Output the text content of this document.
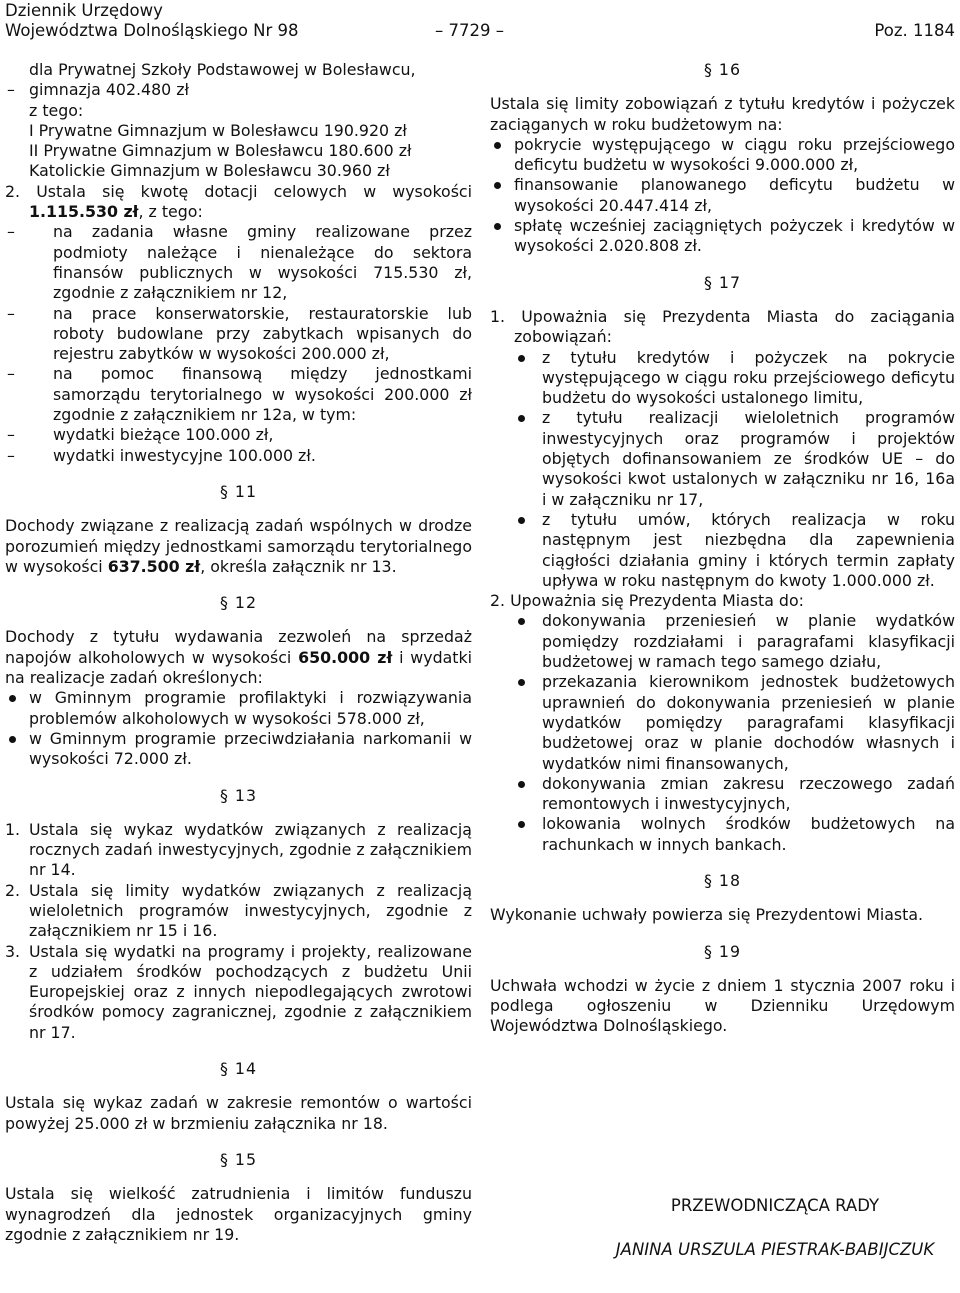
Dziennik Urzędowy
Województwa Dolnośląskiego Nr 98	– 7729 –	Poz. 1184

dla Prywatnej Szkoły Podstawowej w Bolesławcu,

– gimnazja 402.480 zł

z tego:

I Prywatne Gimnazjum w Bolesławcu 190.920 zł

II Prywatne Gimnazjum w Bolesławcu 180.600 zł

Katolickie Gimnazjum w Bolesławcu 30.960 zł

2. Ustala się kwotę dotacji celowych w wysokości 1.115.530 zł, z tego:

– na zadania własne gminy realizowane przez podmioty należące i nienależące do sektora finansów publicznych w wysokości 715.530 zł, zgodnie z załącznikiem nr 12,

– na prace konserwatorskie, restauratorskie lub roboty budowlane przy zabytkach wpisanych do rejestru zabytków w wysokości 200.000 zł,

– na pomoc finansową między jednostkami samorządu terytorialnego w wysokości 200.000 zł zgodnie z załącznikiem nr 12a, w tym:

– wydatki bieżące 100.000 zł,

– wydatki inwestycyjne 100.000 zł.

§ 11

Dochody związane z realizacją zadań wspólnych w drodze porozumień między jednostkami samorządu terytorialnego w wysokości 637.500 zł, określa załącznik nr 13.

§ 12

Dochody z tytułu wydawania zezwoleń na sprzedaż napojów alkoholowych w wysokości 650.000 zł i wydatki na realizacje zadań określonych:

w Gminnym programie profilaktyki i rozwiązywania problemów alkoholowych w wysokości 578.000 zł,

w Gminnym programie przeciwdziałania narkomanii w wysokości 72.000 zł.

§ 13

1. Ustala się wykaz wydatków związanych z realizacją rocznych zadań inwestycyjnych, zgodnie z załącznikiem nr 14.

2. Ustala się limity wydatków związanych z realizacją wieloletnich programów inwestycyjnych, zgodnie z załącznikiem nr 15 i 16.

3. Ustala się wydatki na programy i projekty, realizowane z udziałem środków pochodzących z budżetu Unii Europejskiej oraz z innych niepodlegających zwrotowi środków pomocy zagranicznej, zgodnie z załącznikiem nr 17.

§ 14

Ustala się wykaz zadań w zakresie remontów o wartości powyżej 25.000 zł w brzmieniu załącznika nr 18.

§ 15

Ustala się wielkość zatrudnienia i limitów funduszu wynagrodzeń dla jednostek organizacyjnych gminy zgodnie z załącznikiem nr 19.

§ 16

Ustala się limity zobowiązań z tytułu kredytów i pożyczek zaciąganych w roku budżetowym na:

pokrycie występującego w ciągu roku przejściowego deficytu budżetu w wysokości 9.000.000 zł,

finansowanie planowanego deficytu budżetu w wysokości 20.447.414 zł,

spłatę wcześniej zaciągniętych pożyczek i kredytów w wysokości 2.020.808 zł.

§ 17

1. Upoważnia się Prezydenta Miasta do zaciągania zobowiązań:

z tytułu kredytów i pożyczek na pokrycie występującego w ciągu roku przejściowego deficytu budżetu do wysokości ustalonego limitu,

z tytułu realizacji wieloletnich programów inwestycyjnych oraz programów i projektów objętych dofinansowaniem ze środków UE – do wysokości kwot ustalonych w załączniku nr 16, 16a i w załączniku nr 17,

z tytułu umów, których realizacja w roku następnym jest niezbędna dla zapewnienia ciągłości działania gminy i których termin zapłaty upływa w roku następnym do kwoty 1.000.000 zł.

2. Upoważnia się Prezydenta Miasta do:

dokonywania przeniesień w planie wydatków pomiędzy rozdziałami i paragrafami klasyfikacji budżetowej w ramach tego samego działu,

przekazania kierownikom jednostek budżetowych uprawnień do dokonywania przeniesień w planie wydatków pomiędzy paragrafami klasyfikacji budżetowej oraz w planie dochodów własnych i wydatków nimi finansowanych,

dokonywania zmian zakresu rzeczowego zadań remontowych i inwestycyjnych,

lokowania wolnych środków budżetowych na rachunkach w innych bankach.

§ 18

Wykonanie uchwały powierza się Prezydentowi Miasta.

§ 19

Uchwała wchodzi w życie z dniem 1 stycznia 2007 roku i podlega ogłoszeniu w Dzienniku Urzędowym Województwa Dolnośląskiego.

PRZEWODNICZĄCA RADY
JANINA URSZULA PIESTRAK-BABIJCZUK
